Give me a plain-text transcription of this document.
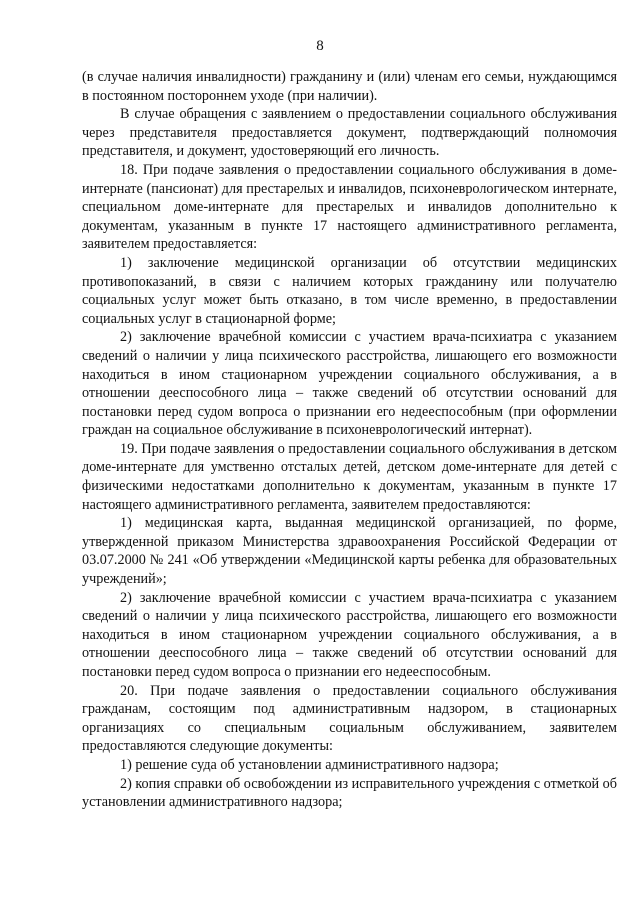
8

(в случае наличия инвалидности) гражданину и (или) членам его семьи, нуждающимся в постоянном постороннем уходе (при наличии).

В случае обращения с заявлением о предоставлении социального обслуживания через представителя предоставляется документ, подтверждающий полномочия представителя, и документ, удостоверяющий его личность.

18. При подаче заявления о предоставлении социального обслуживания в доме-интернате (пансионат) для престарелых и инвалидов, психоневрологическом интернате, специальном доме-интернате для престарелых и инвалидов дополнительно к документам, указанным в пункте 17 настоящего административного регламента, заявителем предоставляется:

1) заключение медицинской организации об отсутствии медицинских противопоказаний, в связи с наличием которых гражданину или получателю социальных услуг может быть отказано, в том числе временно, в предоставлении социальных услуг в стационарной форме;

2) заключение врачебной комиссии с участием врача-психиатра с указанием сведений о наличии у лица психического расстройства, лишающего его возможности находиться в ином стационарном учреждении социального обслуживания, а в отношении дееспособного лица – также сведений об отсутствии оснований для постановки перед судом вопроса о признании его недееспособным (при оформлении граждан на социальное обслуживание в психоневрологический интернат).

19. При подаче заявления о предоставлении социального обслуживания в детском доме-интернате для умственно отсталых детей, детском доме-интернате для детей с физическими недостатками дополнительно к документам, указанным в пункте 17 настоящего административного регламента, заявителем предоставляются:

1) медицинская карта, выданная медицинской организацией, по форме, утвержденной приказом Министерства здравоохранения Российской Федерации от 03.07.2000 № 241 «Об утверждении «Медицинской карты ребенка для образовательных учреждений»;

2) заключение врачебной комиссии с участием врача-психиатра с указанием сведений о наличии у лица психического расстройства, лишающего его возможности находиться в ином стационарном учреждении социального обслуживания, а в отношении дееспособного лица – также сведений об отсутствии оснований для постановки перед судом вопроса о признании его недееспособным.

20. При подаче заявления о предоставлении социального обслуживания гражданам, состоящим под административным надзором, в стационарных организациях со специальным социальным обслуживанием, заявителем предоставляются следующие документы:

1) решение суда об установлении административного надзора;

2) копия справки об освобождении из исправительного учреждения с отметкой об установлении административного надзора;
